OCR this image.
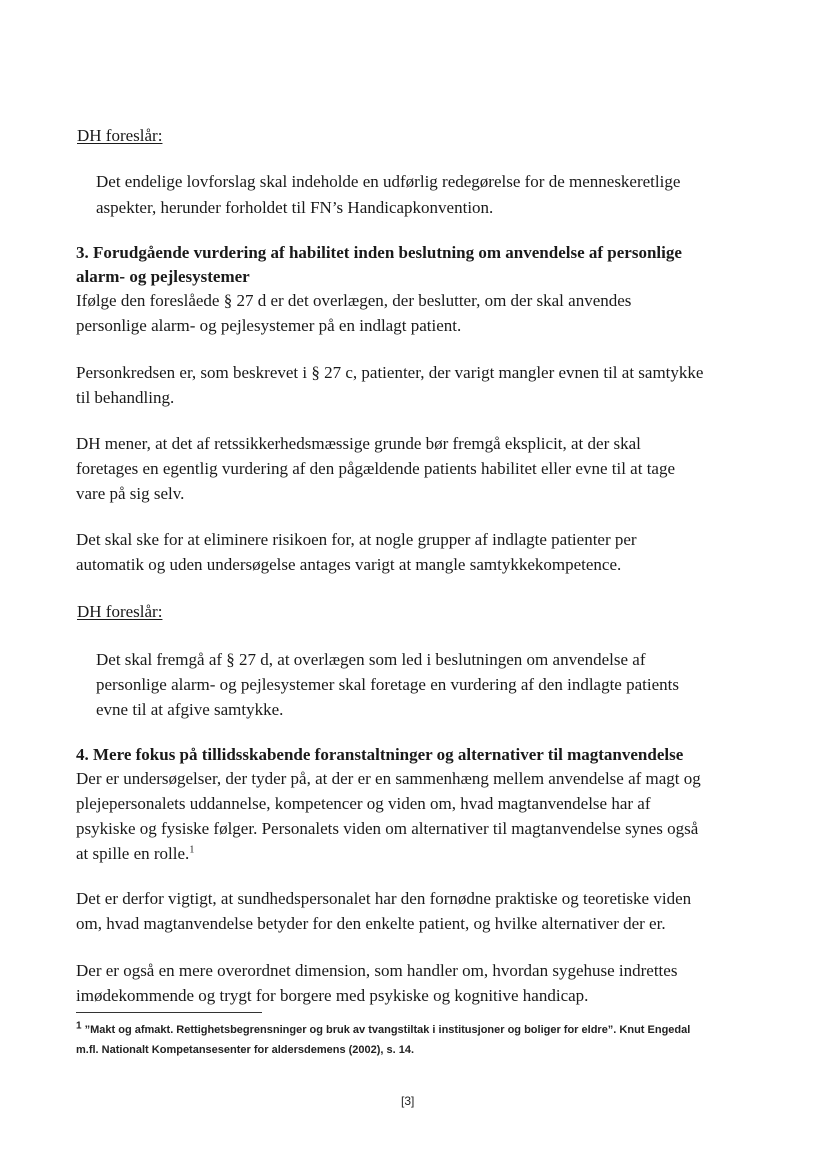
DH foreslår:

Det endelige lovforslag skal indeholde en udførlig redegørelse for de menneskeretlige

aspekter, herunder forholdet til FN’s Handicapkonvention.

3. Forudgående vurdering af habilitet inden beslutning om anvendelse af personlige

alarm- og pejlesystemer

Ifølge den foreslåede § 27 d er det overlægen, der beslutter, om der skal anvendes

personlige alarm- og pejlesystemer på en indlagt patient.

Personkredsen er, som beskrevet i § 27 c, patienter, der varigt mangler evnen til at samtykke

til behandling.

DH mener, at det af retssikkerhedsmæssige grunde bør fremgå eksplicit, at der skal

foretages en egentlig vurdering af den pågældende patients habilitet eller evne til at tage

vare på sig selv.

Det skal ske for at eliminere risikoen for, at nogle grupper af indlagte patienter per

automatik og uden undersøgelse antages varigt at mangle samtykkekompetence.

DH foreslår:

Det skal fremgå af § 27 d, at overlægen som led i beslutningen om anvendelse af

personlige alarm- og pejlesystemer skal foretage en vurdering af den indlagte patients

evne til at afgive samtykke.

4. Mere fokus på tillidsskabende foranstaltninger og alternativer til magtanvendelse

Der er undersøgelser, der tyder på, at der er en sammenhæng mellem anvendelse af magt og

plejepersonalets uddannelse, kompetencer og viden om, hvad magtanvendelse har af

psykiske og fysiske følger. Personalets viden om alternativer til magtanvendelse synes også

at spille en rolle.$^1$

Det er derfor vigtigt, at sundhedspersonalet har den fornødne praktiske og teoretiske viden

om, hvad magtanvendelse betyder for den enkelte patient, og hvilke alternativer der er.

Der er også en mere overordnet dimension, som handler om, hvordan sygehuse indrettes

imødekommende og trygt for borgere med psykiske og kognitive handicap.

$^1$ ”Makt og afmakt. Rettighetsbegrensninger og bruk av tvangstiltak i institusjoner og boliger for eldre”. Knut Engedal

m.fl. Nationalt Kompetansesenter for aldersdemens (2002), s. 14.

[3]
